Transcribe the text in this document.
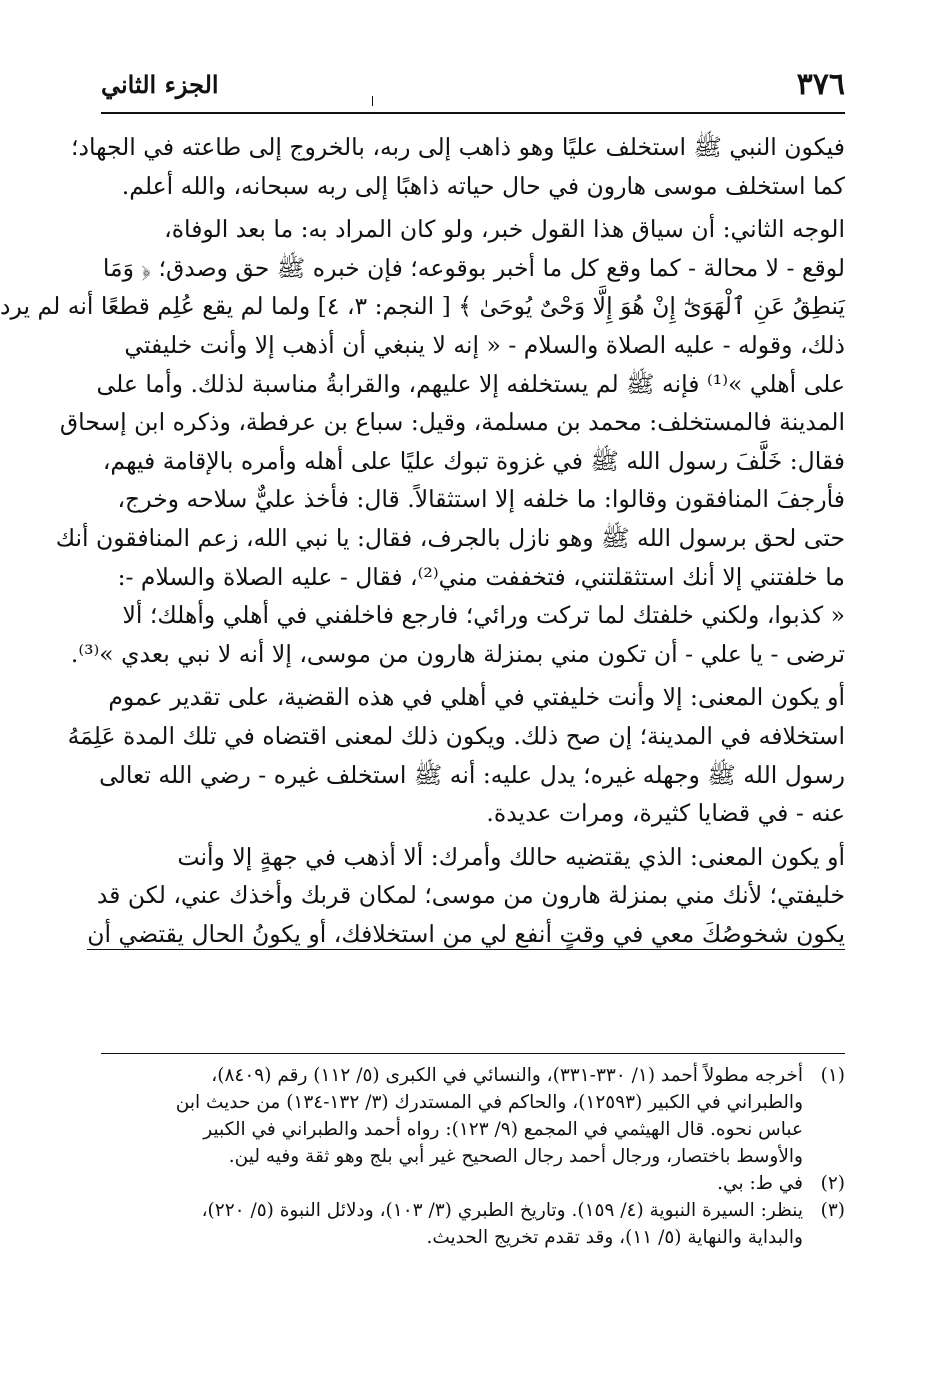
٣٧٦
الجزء الثاني
فيكون النبي ﷺ استخلف عليًا وهو ذاهب إلى ربه، بالخروج إلى طاعته في الجهاد؛
كما استخلف موسى هارون في حال حياته ذاهبًا إلى ربه سبحانه، والله أعلم.
الوجه الثاني: أن سياق هذا القول خبر، ولو كان المراد به: ما بعد الوفاة،
لوقع - لا محالة - كما وقع كل ما أخبر بوقوعه؛ فإن خبره ﷺ حق وصدق؛ ﴿ وَمَا
يَنطِقُ عَنِ ٱلْهَوَىٰٓ إِنْ هُوَ إِلَّا وَحْىٌ يُوحَىٰ ﴾ [ النجم: ٣، ٤] ولما لم يقع عُلِم قطعًا أنه لم يرد
ذلك، وقوله - عليه الصلاة والسلام - « إنه لا ينبغي أن أذهب إلا وأنت خليفتي
على أهلي »⁽¹⁾ فإنه ﷺ لم يستخلفه إلا عليهم، والقرابةُ مناسبة لذلك. وأما على
المدينة فالمستخلف: محمد بن مسلمة، وقيل: سباع بن عرفطة، وذكره ابن إسحاق
فقال: خَلَّفَ رسول الله ﷺ في غزوة تبوك عليًا على أهله وأمره بالإقامة فيهم،
فأرجفَ المنافقون وقالوا: ما خلفه إلا استثقالاً. قال: فأخذ عليٌّ سلاحه وخرج،
حتى لحق برسول الله ﷺ وهو نازل بالجرف، فقال: يا نبي الله، زعم المنافقون أنك
ما خلفتني إلا أنك استثقلتني، فتخففت مني⁽²⁾، فقال - عليه الصلاة والسلام -:
« كذبوا، ولكني خلفتك لما تركت ورائي؛ فارجع فاخلفني في أهلي وأهلك؛ ألا
ترضى - يا علي - أن تكون مني بمنزلة هارون من موسى، إلا أنه لا نبي بعدي »⁽³⁾.
أو يكون المعنى: إلا وأنت خليفتي في أهلي في هذه القضية، على تقدير عموم
استخلافه في المدينة؛ إن صح ذلك. ويكون ذلك لمعنى اقتضاه في تلك المدة عَلِمَهُ
رسول الله ﷺ وجهله غيره؛ يدل عليه: أنه ﷺ استخلف غيره - رضي الله تعالى
عنه - في قضايا كثيرة، ومرات عديدة.
أو يكون المعنى: الذي يقتضيه حالك وأمرك: ألا أذهب في جهةٍ إلا وأنت
خليفتي؛ لأنك مني بمنزلة هارون من موسى؛ لمكان قربك وأخذك عني، لكن قد
يكون شخوصُكَ معي في وقتٍ أنفع لي من استخلافك، أو يكونُ الحال يقتضي أن
(١)
أخرجه مطولاً أحمد (١/ ٣٣٠-٣٣١)، والنسائي في الكبرى (٥/ ١١٢) رقم (٨٤٠٩)،
والطبراني في الكبير (١٢٥٩٣)، والحاكم في المستدرك (٣/ ١٣٢-١٣٤) من حديث ابن
عباس نحوه. قال الهيثمي في المجمع (٩/ ١٢٣): رواه أحمد والطبراني في الكبير
والأوسط باختصار، ورجال أحمد رجال الصحيح غير أبي بلج وهو ثقة وفيه لين.
(٢)
في ط: بي.
(٣)
ينظر: السيرة النبوية (٤/ ١٥٩). وتاريخ الطبري (٣/ ١٠٣)، ودلائل النبوة (٥/ ٢٢٠)،
والبداية والنهاية (٥/ ١١)، وقد تقدم تخريج الحديث.
